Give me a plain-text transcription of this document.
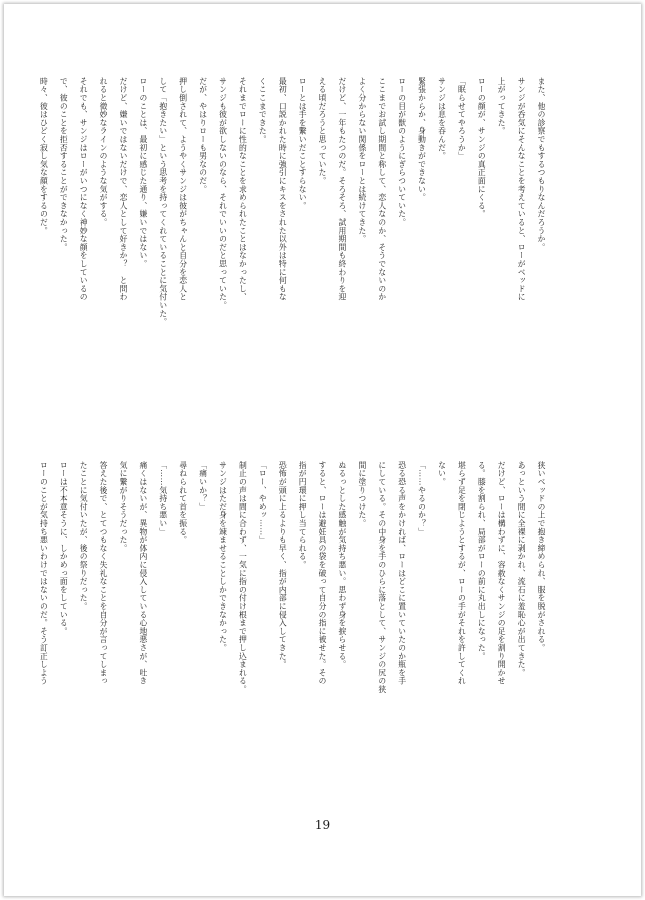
また、他の診察でもするつもりなんだろうか。
サンジが呑気にそんなことを考えていると、ローがベッドに
上がってきた。
ローの顔が、サンジの真正面にくる。
「眠らせてやろうか」
サンジは息を呑んだ。
緊張からか、身動きができない。
ローの目が獣のようにぎらついていた。
ここまでお試し期間と称して、恋人なのか、そうでないのか
よく分からない関係をローとは続けてきた。
だけど、一年もたつのだ。そろそろ、試用期間も終わりを迎
える頃だろうと思っていた。
ローとは手を繋いだことすらない。
最初、口説かれた時に強引にキスをされた以外は特に何もな
くここまできた。
それまでローに性的なことを求められたことはなかったし、
サンジも彼が欲しないのなら、それでいいのだと思っていた。
だが、やはりローも男なのだ。
押し倒されて、ようやくサンジは彼がちゃんと自分を恋人と
して「抱きたい」という思考を持ってくれていることに気付いた。
ローのことは、最初に感じた通り、嫌いではない。
だけど、嫌いではないだけで、恋人として好きか？　と問わ
れると微妙なラインのような気がする。
それでも、サンジはローがいつになく神妙な顔をしているの
で、彼のことを拒否することができなかった。
時々、彼はひどく寂し気な顔をするのだ。
狭いベッドの上で抱き締められ、服を脱がされる。
あっという間に全裸に剥かれ、流石に羞恥心が出てきた。
だけど、ローは構わずに、容赦なくサンジの足を割り開かせ
る。膝を割られ、局部がローの前に丸出しになった。
堪らず足を閉じようとするが、ローの手がそれを許してくれ
ない。
「……やるのか？」
恐る恐る声をかければ、ローはどこに置いていたのか瓶を手
にしている。その中身を手のひらに落として、サンジの尻の狭
間に塗りつけた。
ぬるっとした感触が気持ち悪い。思わず身を捩らせる。
すると、ローは避妊具の袋を破って自分の指に被せた。その
指が円環に押し当てられる。
恐怖が頭に上るよりも早く、指が内部に侵入してきた。
「ロー、やめッ……」
制止の声は間に合わず、一気に指の付け根まで押し込まれる。
サンジはただ身を竦ませることしかできなかった。
「痛いか？」
尋ねられて首を振る。
「……気持ち悪い」
痛くはないが、異物が体内に侵入している心地悪さが、吐き
気に繋がりそうだった。
答えた後で、とてつもなく失礼なことを自分が言ってしまっ
たことに気付いたが、後の祭りだった。
ローは不本意そうに、しかめっ面をしている。
ローのことが気持ち悪いわけではないのだ。そう訂正しよう
19
